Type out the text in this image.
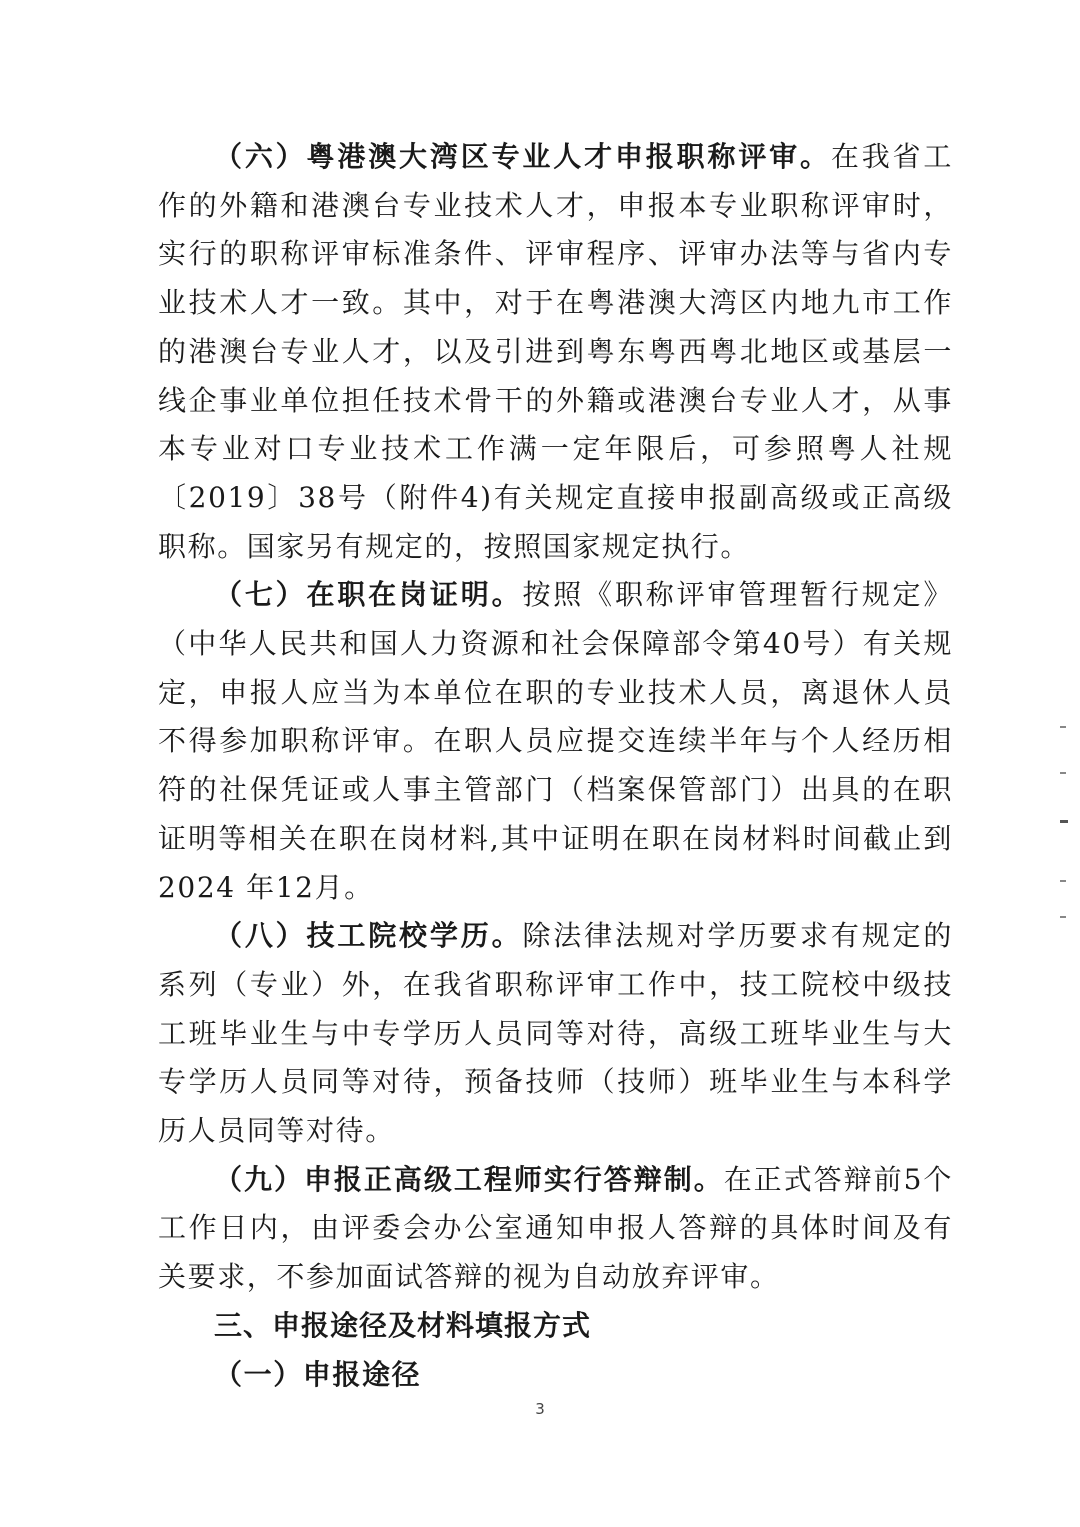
（六）粤港澳大湾区专业人才申报职称评审。在我省工作的外籍和港澳台专业技术人才，申报本专业职称评审时，实行的职称评审标准条件、评审程序、评审办法等与省内专业技术人才一致。其中，对于在粤港澳大湾区内地九市工作的港澳台专业人才，以及引进到粤东粤西粤北地区或基层一线企事业单位担任技术骨干的外籍或港澳台专业人才，从事本专业对口专业技术工作满一定年限后，可参照粤人社规〔2019〕38号（附件4)有关规定直接申报副高级或正高级职称。国家另有规定的，按照国家规定执行。

（七）在职在岗证明。按照《职称评审管理暂行规定》（中华人民共和国人力资源和社会保障部令第40号）有关规定，申报人应当为本单位在职的专业技术人员，离退休人员不得参加职称评审。在职人员应提交连续半年与个人经历相符的社保凭证或人事主管部门（档案保管部门）出具的在职证明等相关在职在岗材料,其中证明在职在岗材料时间截止到2024 年12月。

（八）技工院校学历。除法律法规对学历要求有规定的系列（专业）外，在我省职称评审工作中，技工院校中级技工班毕业生与中专学历人员同等对待，高级工班毕业生与大专学历人员同等对待，预备技师（技师）班毕业生与本科学历人员同等对待。

（九）申报正高级工程师实行答辩制。在正式答辩前5个工作日内，由评委会办公室通知申报人答辩的具体时间及有关要求，不参加面试答辩的视为自动放弃评审。

三、申报途径及材料填报方式

（一）申报途径

3
